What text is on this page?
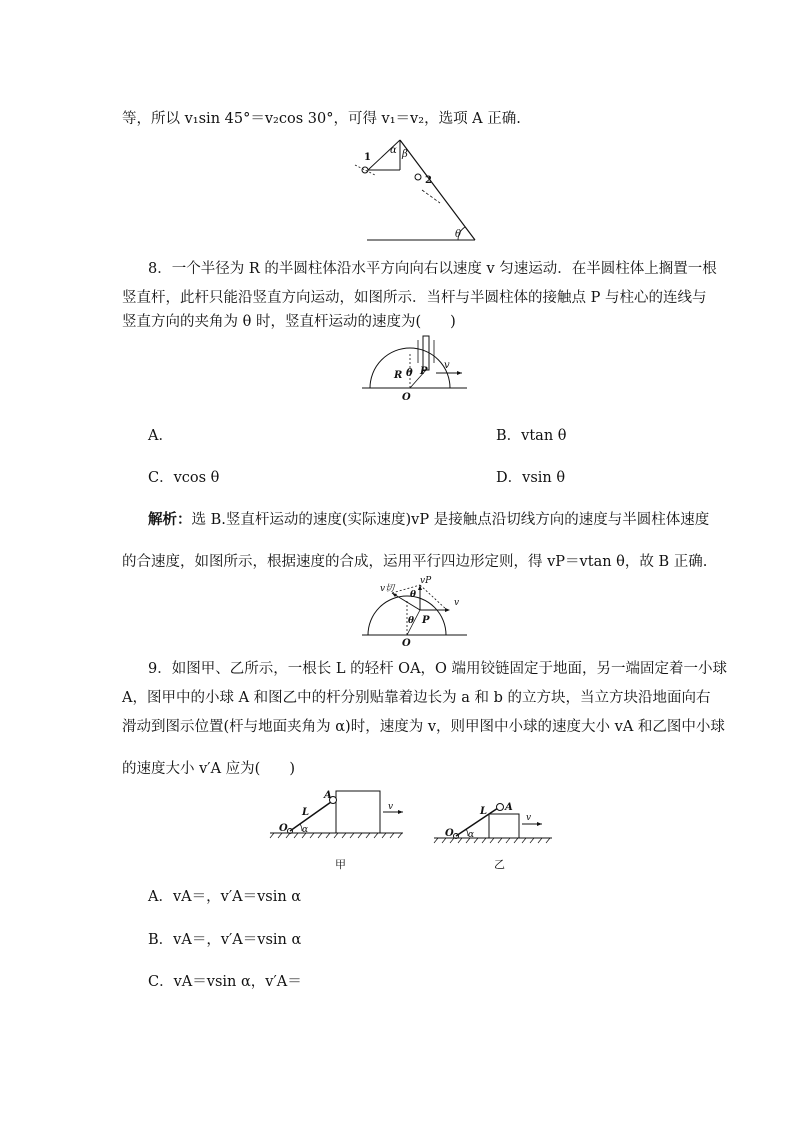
等，所以 v₁sin 45°＝v₂cos 30°，可得 v₁＝v₂，选项 A 正确.
1
2
α β
θ
8．一个半径为 R 的半圆柱体沿水平方向向右以速度 v 匀速运动．在半圆柱体上搁置一根
竖直杆，此杆只能沿竖直方向运动，如图所示．当杆与半圆柱体的接触点 P 与柱心的连线与
竖直方向的夹角为 θ 时，竖直杆运动的速度为(　　)
R θ P
O
v
A．	B．vtan θ
C．vcos θ	D．vsin θ
解析：选 B.竖直杆运动的速度(实际速度)vP 是接触点沿切线方向的速度与半圆柱体速度
的合速度，如图所示，根据速度的合成，运用平行四边形定则，得 vP＝vtan θ，故 B 正确.
v切
vP
v
θ
θ P
O
9．如图甲、乙所示，一根长 L 的轻杆 OA，O 端用铰链固定于地面，另一端固定着一小球
A，图甲中的小球 A 和图乙中的杆分别贴靠着边长为 a 和 b 的立方块，当立方块沿地面向右
滑动到图示位置(杆与地面夹角为 α)时，速度为 v，则甲图中小球的速度大小 vA 和乙图中小球
的速度大小 v′A 应为(　　)
A
L
O α
v
甲
A
L
O α
v
乙
A．vA＝，v′A＝vsin α
B．vA＝，v′A＝vsin α
C．vA＝vsin α，v′A＝
